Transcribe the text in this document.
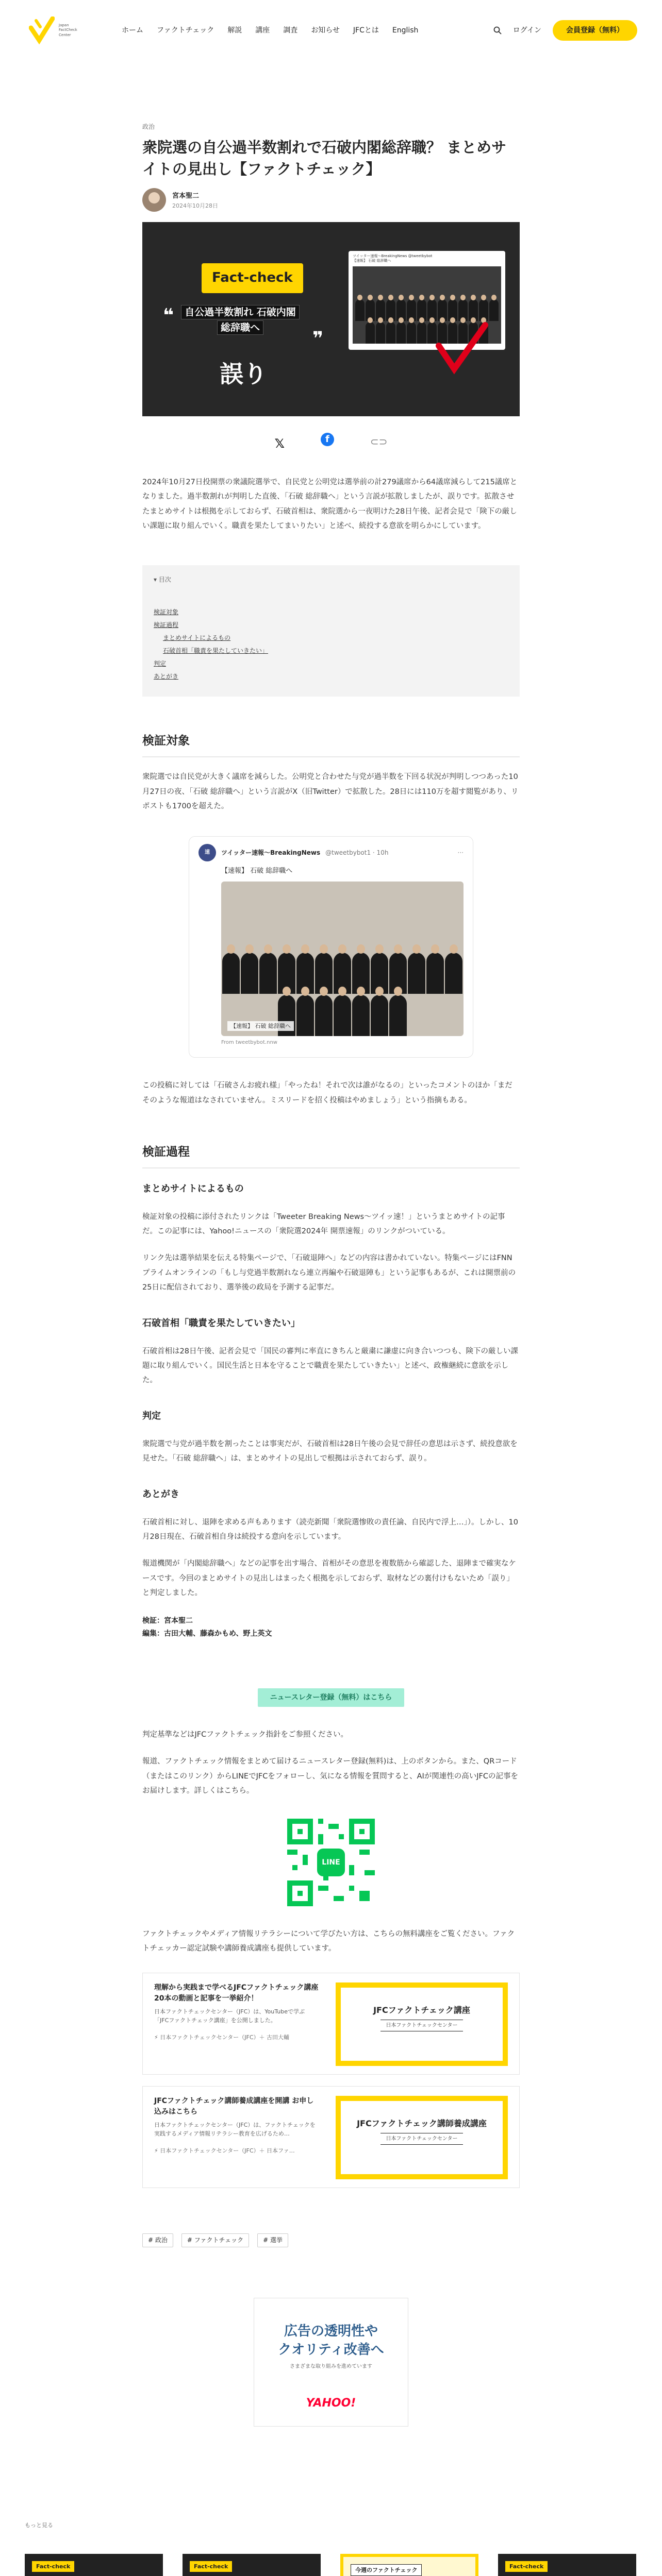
Japan
FactCheck
Center
ホーム ファクトチェック 解説 講座 調査 お知らせ JFCとは English	ログイン	会員登録（無料）
政治
衆院選の自公過半数割れで石破内閣総辞職？ まとめサイトの見出し【ファクトチェック】
宮本聖二
2024年10月28日
❝
Fact-check
自公過半数割れ 石破内閣
総辞職へ
❞
誤り
ツイッター速報～BreakingNews @tweetbybot
【速報】 石破 総辞職へ
𝕏	f	⊂⊃

2024年10月27日投開票の衆議院選挙で、自民党と公明党は選挙前の計279議席から64議席減らして215議席となりました。過半数割れが判明した直後、「石破 総辞職へ」という言説が拡散しましたが、誤りです。拡散させたまとめサイトは根拠を示しておらず、石破首相は、衆院選から一夜明けた28日午後、記者会見で「険下の厳しい課題に取り組んでいく。職責を果たしてまいりたい」と述べ、続投する意欲を明らかにしています。

▾ 目次
検証対象
検証過程
まとめサイトによるもの
石破首相「職責を果たしていきたい」
判定
あとがき
検証対象

衆院選では自民党が大きく議席を減らした。公明党と合わせた与党が過半数を下回る状況が判明しつつあった10月27日の夜、「石破 総辞職へ」という言説がX（旧Twitter）で拡散した。28日には110万を超す閲覧があり、リポストも1700を超えた。

速	ツイッター速報～BreakingNews @tweetbybot1 · 10h	···
【速報】 石破 総辞職へ
【速報】 石破 総辞職へ
From tweetbybot.nnw

この投稿に対しては「石破さんお疲れ様」「やったね！それで次は誰がなるの」といったコメントのほか「まだそのような報道はなされていません。ミスリードを招く投稿はやめましょう」という指摘もある。

検証過程
まとめサイトによるもの

検証対象の投稿に添付されたリンクは「Tweeter Breaking News～ツイッ速！」というまとめサイトの記事だ。この記事には、Yahoo!ニュースの「衆院選2024年 開票速報」のリンクがついている。

リンク先は選挙結果を伝える特集ページで、「石破退陣へ」などの内容は書かれていない。特集ページにはFNNプライムオンラインの「もし与党過半数割れなら連立再編や石破退陣も」という記事もあるが、これは開票前の25日に配信されており、選挙後の政局を予測する記事だ。

石破首相「職責を果たしていきたい」

石破首相は28日午後、記者会見で「国民の審判に率直にきちんと厳粛に謙虚に向き合いつつも、険下の厳しい課題に取り組んでいく。国民生活と日本を守ることで職責を果たしていきたい」と述べ、政権継続に意欲を示した。

判定

衆院選で与党が過半数を割ったことは事実だが、石破首相は28日午後の会見で辞任の意思は示さず、続投意欲を見せた。「石破 総辞職へ」は、まとめサイトの見出しで根拠は示されておらず、誤り。

あとがき

石破首相に対し、退陣を求める声もあります（読売新聞「衆院選惨敗の責任論、自民内で浮上…」）。しかし、10月28日現在、石破首相自身は続投する意向を示しています。

報道機関が「内閣総辞職へ」などの記事を出す場合、首相がその意思を複数筋から確認した、退陣まで確実なケースです。今回のまとめサイトの見出しはまったく根拠を示しておらず、取材などの裏付けもないため「誤り」と判定しました。

検証：宮本聖二
編集：古田大輔、藤森かもめ、野上英文
ニュースレター登録（無料）はこちら

判定基準などはJFCファクトチェック指針をご参照ください。

報道、ファクトチェック情報をまとめて届けるニュースレター登録(無料)は、上のボタンから。また、QRコード（またはこのリンク）からLINEでJFCをフォローし、気になる情報を質問すると、AIが関連性の高いJFCの記事をお届けします。詳しくはこちら。

LINE

ファクトチェックやメディア情報リテラシーについて学びたい方は、こちらの無料講座をご覧ください。ファクトチェッカー認定試験や講師養成講座も提供しています。

理解から実践まで学べるJFCファクトチェック講座 20本の動画と記事を一挙紹介！
日本ファクトチェックセンター（JFC）は、YouTubeで学ぶ「JFCファクトチェック講座」を公開しました。
⚡ 日本ファクトチェックセンター（JFC）＋ 古田大輔
JFCファクトチェック講座
日本ファクトチェックセンター
JFCファクトチェック講師養成講座を開講 お申し込みはこちら
日本ファクトチェックセンター（JFC）は、ファクトチェックを実践するメディア情報リテラシー教育を広げるため…
⚡ 日本ファクトチェックセンター（JFC）＋ 日本ファ…
JFCファクトチェック講師養成講座
日本ファクトチェックセンター
# 政治	# ファクトチェック	# 選挙
広告の透明性や
クオリティ改善へ
さまざまな取り組みを進めています
YAHOO!
もっと見る
Fact-check	Fact-check
今週のファクトチェック
Fact-check
